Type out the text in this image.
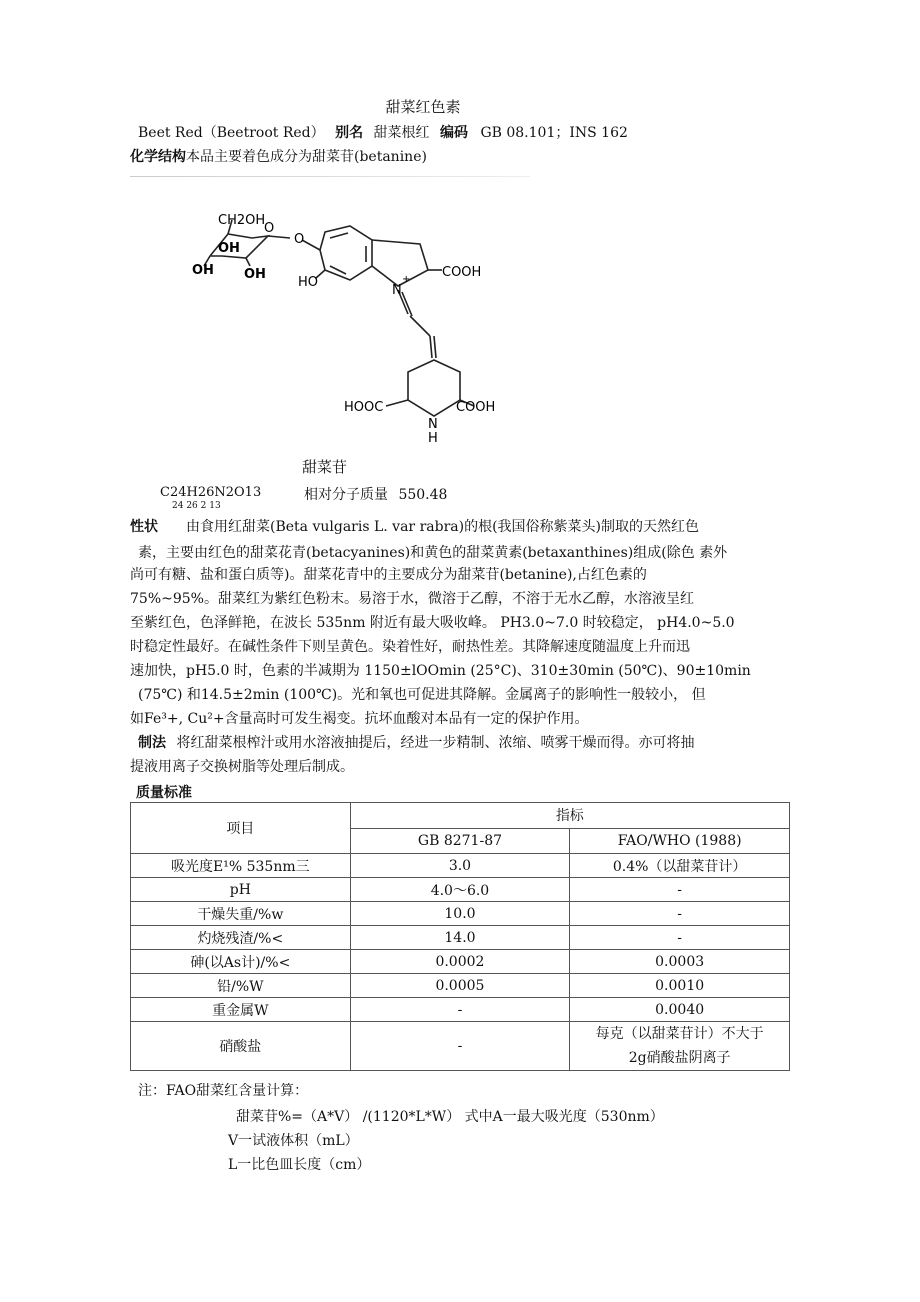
甜菜红色素
Beet Red（Beetroot Red） 别名 甜菜根红 编码 GB 08.101；INS 162
化学结构本品主要着色成分为甜菜苷(betanine)
CH2OH
OH
OH OH
O
O
HO
COOH
N
+
HOOC	COOH
N
H
甜菜苷
C24H26N2O13
24 26 2 13
相对分子质量 550.48
性状 由食用红甜菜(Beta vulgaris L. var rabra)的根(我国俗称紫菜头)制取的天然红色
素，主要由红色的甜菜花青(betacyanines)和黄色的甜菜黄素(betaxanthines)组成(除色 素外
尚可有糖、盐和蛋白质等)。甜菜花青中的主要成分为甜菜苷(betanine),占红色素的
75%~95%。甜菜红为紫红色粉末。易溶于水，微溶于乙醇，不溶于无水乙醇，水溶液呈红
至紫红色，色泽鲜艳，在波长 535nm 附近有最大吸收峰。 PH3.0~7.0 时较稳定， pH4.0~5.0
时稳定性最好。在碱性条件下则呈黄色。染着性好，耐热性差。其降解速度随温度上升而迅
速加快，pH5.0 时，色素的半减期为 1150±lOOmin (25°C)、310±30min (50℃)、90±10min
(75℃) 和14.5±2min (100℃)。光和氧也可促进其降解。金属离子的影响性一般较小， 但
如Fe³+, Cu²+含量高时可发生褐变。抗坏血酸对本品有一定的保护作用。
制法 将红甜菜根榨汁或用水溶液抽提后，经进一步精制、浓缩、喷雾干燥而得。亦可将抽
提液用离子交换树脂等处理后制成。
质量标准
项目	指标	
	GB 8271-87	FAO/WHO (1988)
吸光度E¹% 535nm三	3.0	0.4%（以甜菜苷计）
pH	4.0〜6.0	-
干燥失重/%w	10.0	-
灼烧残渣/%<	14.0	-
砷(以As计)/%<	0.0002	0.0003
铅/%W	0.0005	0.0010
重金属W	-	0.0040
硝酸盐	-	每克（以甜菜苷计）不大于
2g硝酸盐阴离子
注：FAO甜菜红含量计算：
甜菜苷%=（A*V） /(1120*L*W） 式中A一最大吸光度（530nm）
V一试液体积（mL）
L一比色皿长度（cm）
